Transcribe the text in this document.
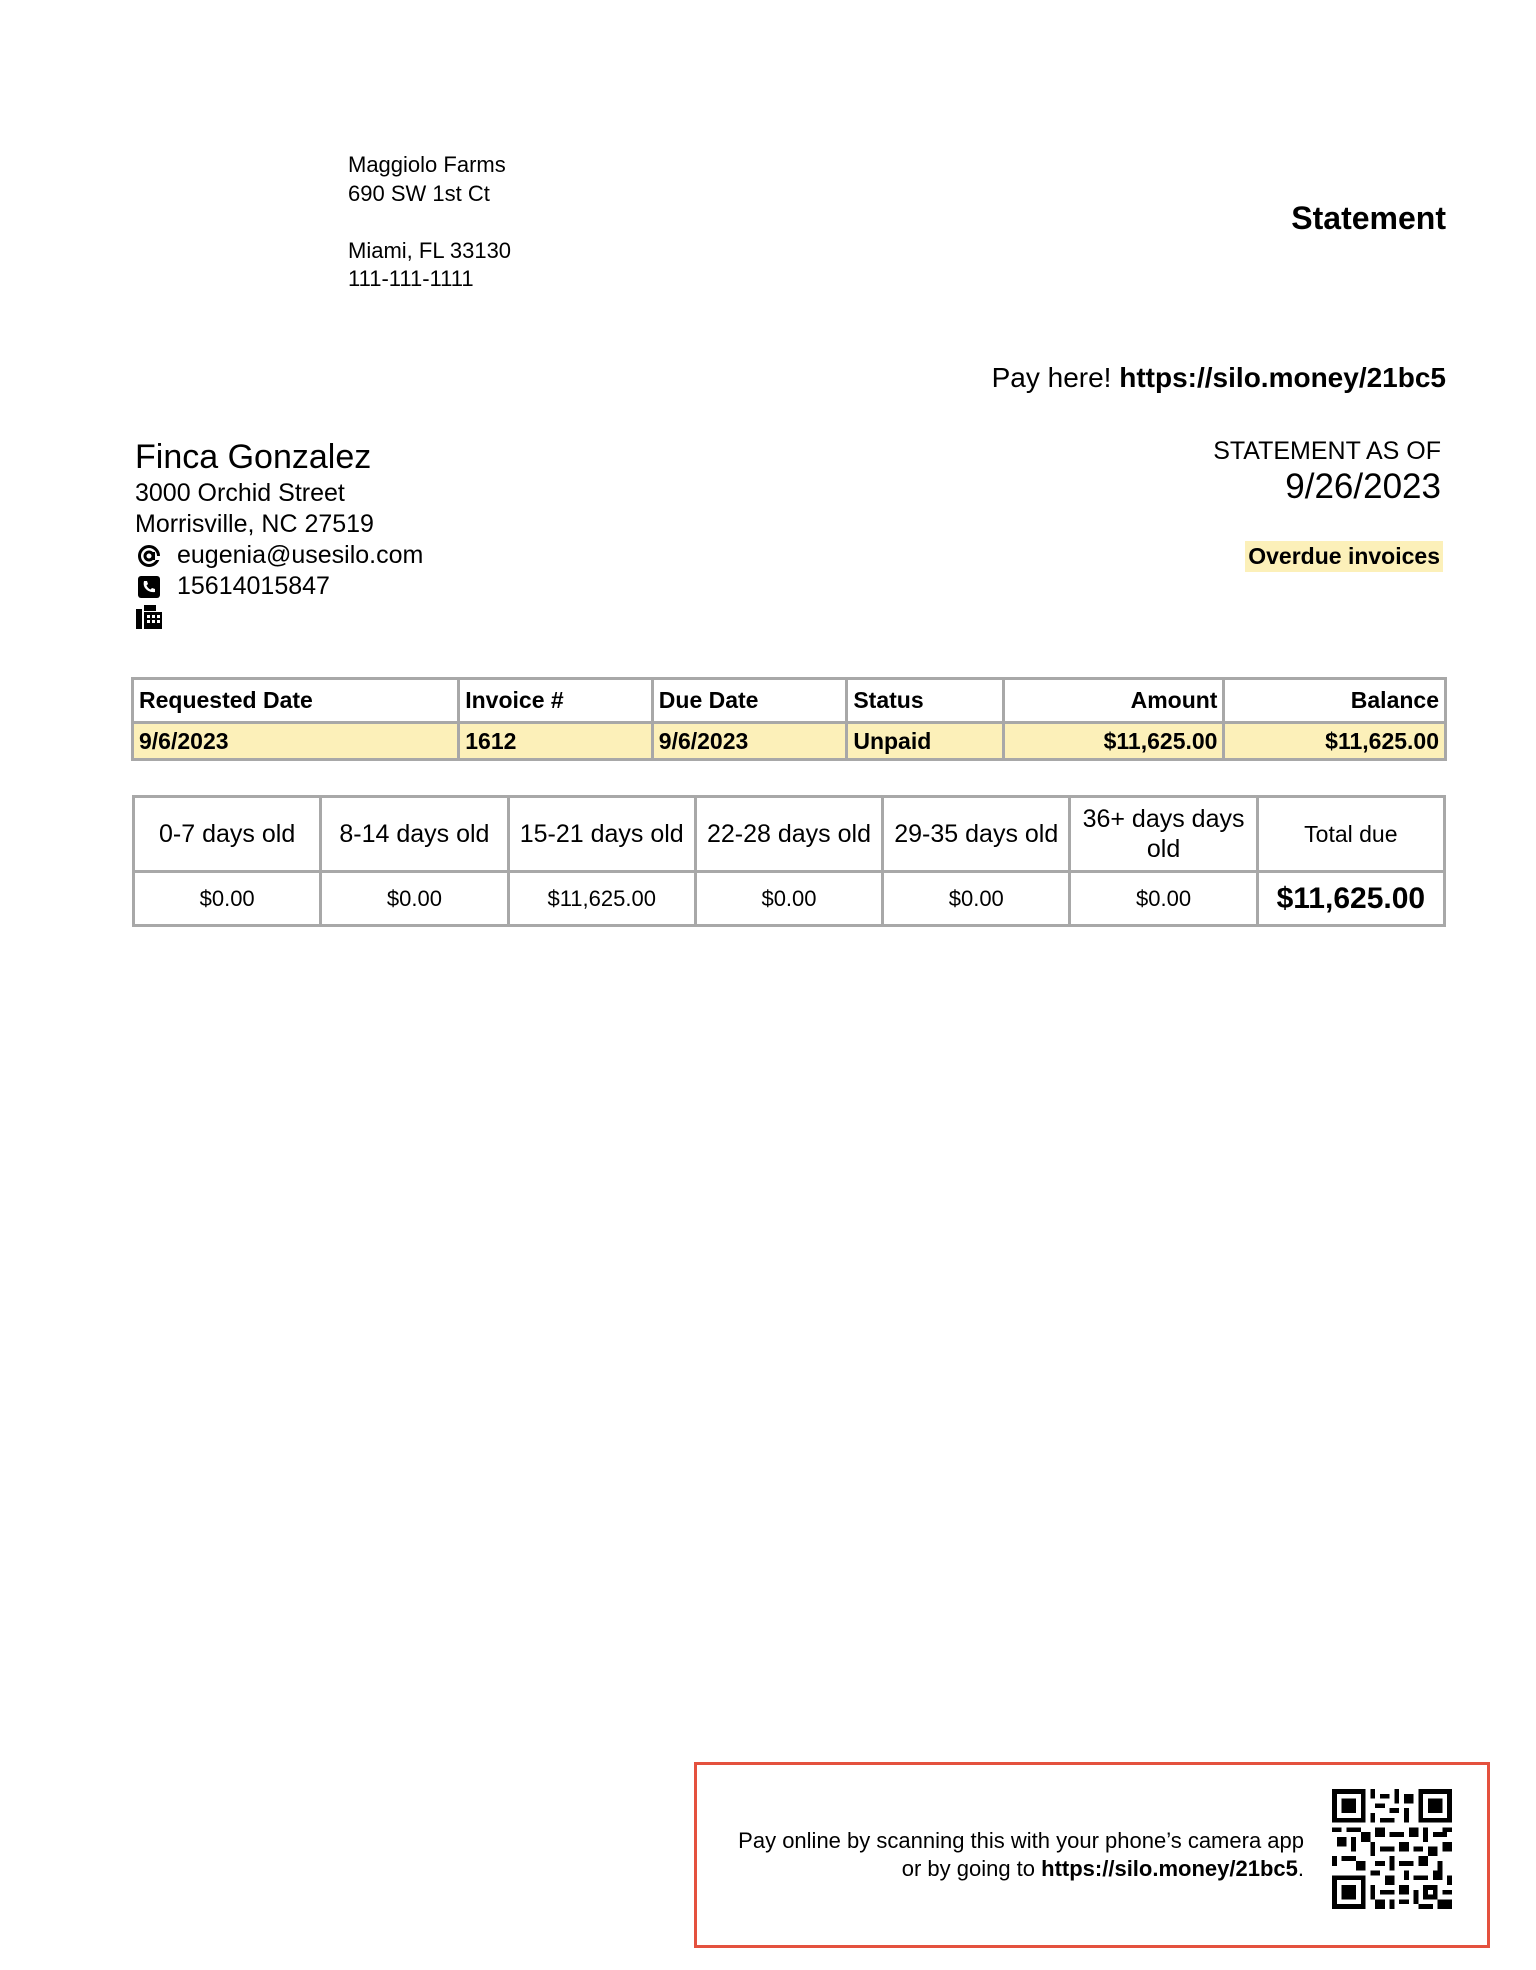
Maggiolo Farms
690 SW 1st Ct
Miami, FL 33130
111-111-1111
Statement
Pay here! https://silo.money/21bc5
Finca Gonzalez
3000 Orchid Street
Morrisville, NC 27519
eugenia@usesilo.com
15614015847
STATEMENT AS OF
9/26/2023
Overdue invoices
Requested Date	Invoice #	Due Date	Status	Amount	Balance
9/6/2023	1612	9/6/2023	Unpaid	$11,625.00	$11,625.00
0-7 days old	8-14 days old	15-21 days old	22-28 days old	29-35 days old	36+ days days old	Total due
$0.00	$0.00	$11,625.00	$0.00	$0.00	$0.00	$11,625.00
Pay online by scanning this with your phone’s camera app
or by going to https://silo.money/21bc5.
